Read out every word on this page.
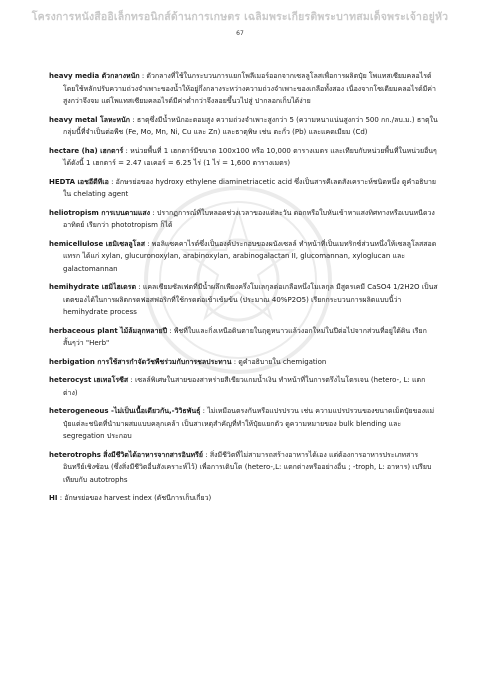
โครงการหนังสืออิเล็กทรอนิกส์ด้านการเกษตร เฉลิมพระเกียรติพระบาทสมเด็จพระเจ้าอยู่หัว
67
heavy media ตัวกลางหนัก : ตัวกลางที่ใช้ในกระบวนการแยกโพลีเมอร์ออกจากเซลลูโลสเพื่อการผลิตปุ๋ย โพแทสเซียมคลอไรด์ โดยใช้หลักปรับความถ่วงจำเพาะของน้ำให้อยู่กึ่งกลางระหว่างความถ่วงจำเพาะของเกลือทั้งสอง เนื่องจากโซเดียมคลอไรด์มีค่าสูงกว่าจึงจม แต่โพแทสเซียมคลอไรด์มีค่าต่ำกว่าจึงลอยขึ้นวไปสู่ ปากลอกเก็บได้ง่าย
heavy metal โลหะหนัก : ธาตุซึ่งมีน้ำหนักอะตอมสูง ความถ่วงจำเพาะสูงกว่า 5 (ความหนาแน่นสูงกว่า 500 กก./ลบ.ม.) ธาตุในกลุ่มนี้ที่จำเป็นต่อพืช (Fe, Mo, Mn, Ni, Cu และ Zn) และธาตุพิษ เช่น ตะกั่ว (Pb) และแคดเมียม (Cd)
hectare (ha) เฮกตาร์ : หน่วยพื้นที่ 1 เฮกตาร์มีขนาด 100x100 หรือ 10,000 ตารางเมตร และเทียบกับหน่วยพื้นที่ในหน่วยอื่นๆได้ดังนี้ 1 เฮกตาร์ = 2.47 เอเคอร์ = 6.25 ไร่ (1 ไร่ = 1,600 ตารางเมตร)
HEDTA เอชอีดีทีเอ : อักษรย่อของ hydroxy ethylene diaminetriacetic acid ซึ่งเป็นสารคีเลตสังเคราะห์ชนิดหนึ่ง ดูคำอธิบายใน chelating agent
heliotropism การเบนตามแสง : ปรากฏการณ์ที่ใบหลอดช่วงเวลาของแต่ละวัน ดอกหรือใบหันเข้าหาแสงทิศทางหรือเบนหนีดวงอาทิตย์ เรียกว่า phototropism ก็ได้
hemicellulose เฮมิเซลลูโลส : พอลิแซคคาไรด์ซึ่งเป็นองค์ประกอบของผนังเซลล์ ทำหน้าที่เป็นเมทริกซ์ส่วนหนึ่งให้เซลลูโลสสอดแทรก ได้แก่ xylan, glucuronoxylan, arabinoxylan, arabinogalactan II, glucomannan, xyloglucan และ galactomannan
hemihydrate เฮมิไฮเดรต : แคลเซียมซัลเฟตที่มีน้ำผลึกเพียงครึ่งโมเลกุลต่อเกลือหนึ่งโมเลกุล มีสูตรเคมี CaSO4 1/2H2O เป็นสเตตของได้ในการผลิตกรดฟอสฟอริกที่ใช้กรดต่อเข้าเข้มข้น (ประมาณ 40%P2O5) เรียกกระบวนการผลิตแบบนี้ว่า hemihydrate process
herbaceous plant ไม้ล้มลุกหลายปี : พืชที่ใบและกิ่งเหนือดินตายในฤดูหนาวแล้วงอกใหม่ในปีต่อไปจากส่วนที่อยู่ใต้ดิน เรียกสั้นๆว่า "Herb"
herbigation การใช้สารกำจัดวัชพืชร่วมกับการชลประทาน : ดูคำอธิบายใน chemigation
heterocyst เฮเทอโรซีส : เซลล์พิเศษในสายของสาหร่ายสีเขียวแกมน้ำเงิน ทำหน้าที่ในการตรึงไนโตรเจน (hetero-, L: แตกต่าง)
heterogeneous -ไม่เป็นเนื้อเดียวกัน,-วิวิธพันธุ์ : ไม่เหมือนตรงกันหรือแปรปรวน เช่น ความแปรปรวนของขนาดเม็ดปุ๋ยของแม่ปุ๋ยแต่ละชนิดที่นำมาผสมแบบคลุกเคล้า เป็นสาเหตุสำคัญที่ทำให้ปุ๋ยแยกตัว ดูความหมายของ bulk blending และ segregation ประกอบ
heterotrophs สิ่งมีชีวิตได้อาหารจากสารอินทรีย์ : สิ่งมีชีวิตที่ไม่สามารถสร้างอาหารได้เอง แต่ต้องการอาหารประเภทสารอินทรีย์เชิงซ้อน (ซึ่งสิ่งมีชีวิตอื่นสังเคราะห์ไว้) เพื่อการเติบโต (hetero-,L: แตกต่างหรืออย่างอื่น ; -troph, L: อาหาร) เปรียบเทียบกับ autotrophs
HI : อักษรย่อของ harvest index (ดัชนีการเก็บเกี่ยว)
